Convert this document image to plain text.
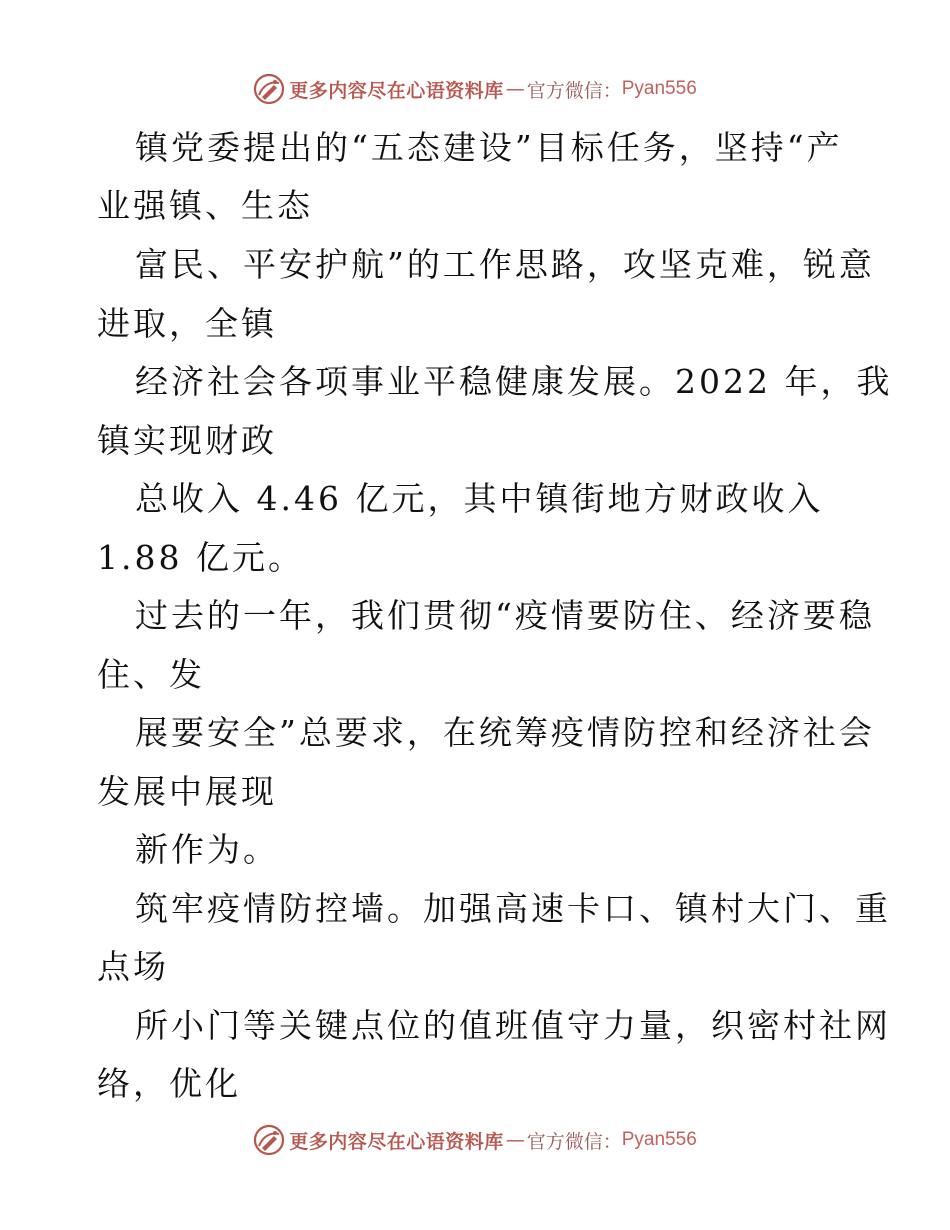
更多内容尽在心语资料库 — 官方微信： Pyan556
镇党委提出的“五态建设”目标任务，坚持“产
业强镇、生态
富民、平安护航”的工作思路，攻坚克难，锐意
进取，全镇
经济社会各项事业平稳健康发展。2022 年，我
镇实现财政
总收入 4.46 亿元，其中镇街地方财政收入
1.88 亿元。
过去的一年，我们贯彻“疫情要防住、经济要稳
住、发
展要安全”总要求，在统筹疫情防控和经济社会
发展中展现
新作为。
筑牢疫情防控墙。加强高速卡口、镇村大门、重
点场
所小门等关键点位的值班值守力量，织密村社网
络，优化
更多内容尽在心语资料库 — 官方微信： Pyan556
